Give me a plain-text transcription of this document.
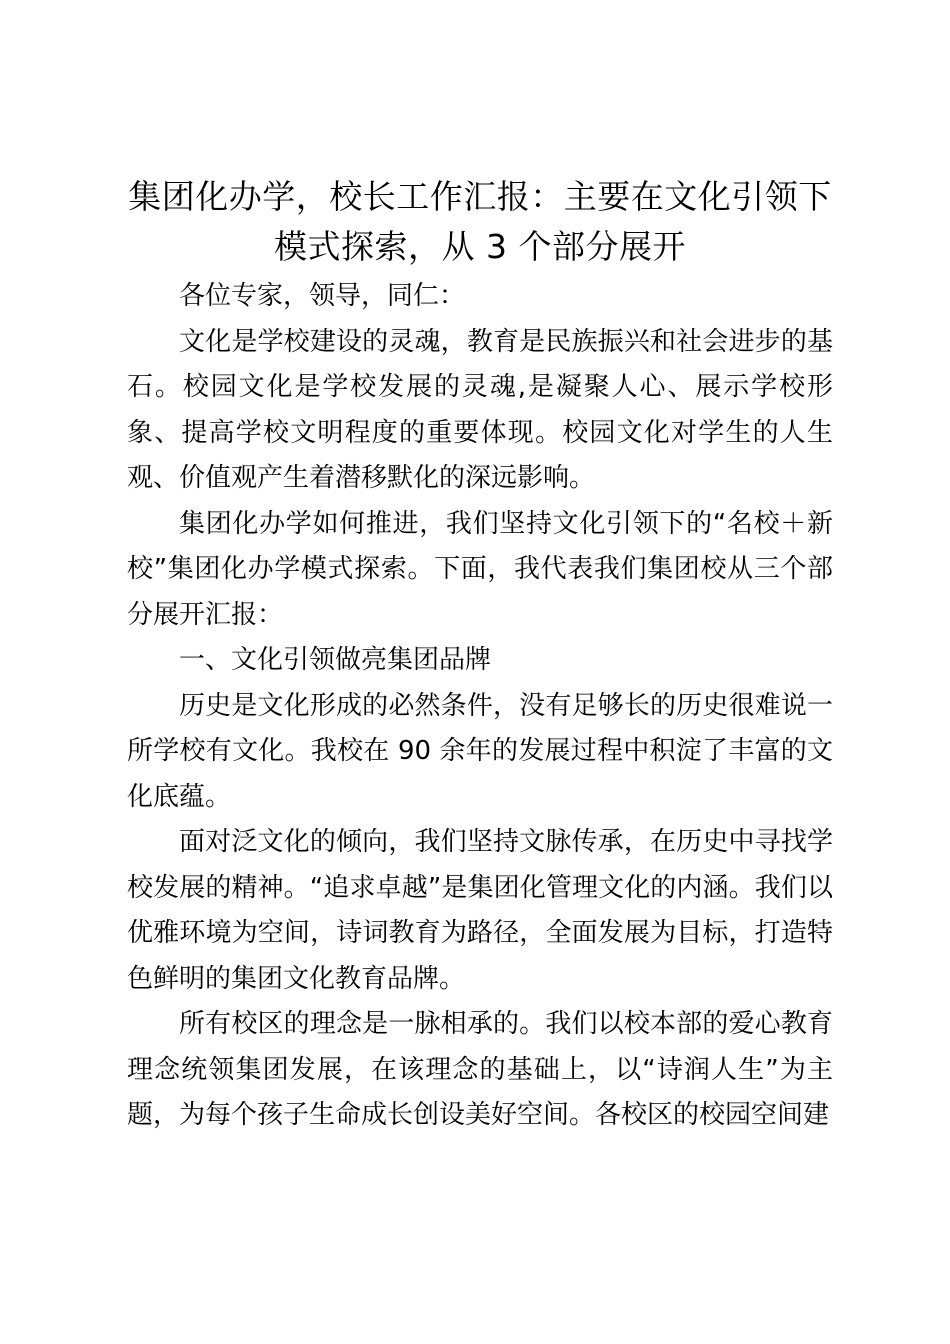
集团化办学，校长工作汇报：主要在文化引领下模式探索，从 3 个部分展开

各位专家，领导，同仁：

文化是学校建设的灵魂，教育是民族振兴和社会进步的基石。校园文化是学校发展的灵魂,是凝聚人心、展示学校形象、提高学校文明程度的重要体现。校园文化对学生的人生观、价值观产生着潜移默化的深远影响。

集团化办学如何推进，我们坚持文化引领下的“名校＋新校”集团化办学模式探索。下面，我代表我们集团校从三个部分展开汇报：

一、文化引领做亮集团品牌

历史是文化形成的必然条件，没有足够长的历史很难说一所学校有文化。我校在 90 余年的发展过程中积淀了丰富的文化底蕴。

面对泛文化的倾向，我们坚持文脉传承，在历史中寻找学校发展的精神。“追求卓越”是集团化管理文化的内涵。我们以优雅环境为空间，诗词教育为路径，全面发展为目标，打造特色鲜明的集团文化教育品牌。

所有校区的理念是一脉相承的。我们以校本部的爱心教育理念统领集团发展，在该理念的基础上，以“诗润人生”为主题，为每个孩子生命成长创设美好空间。各校区的校园空间建
